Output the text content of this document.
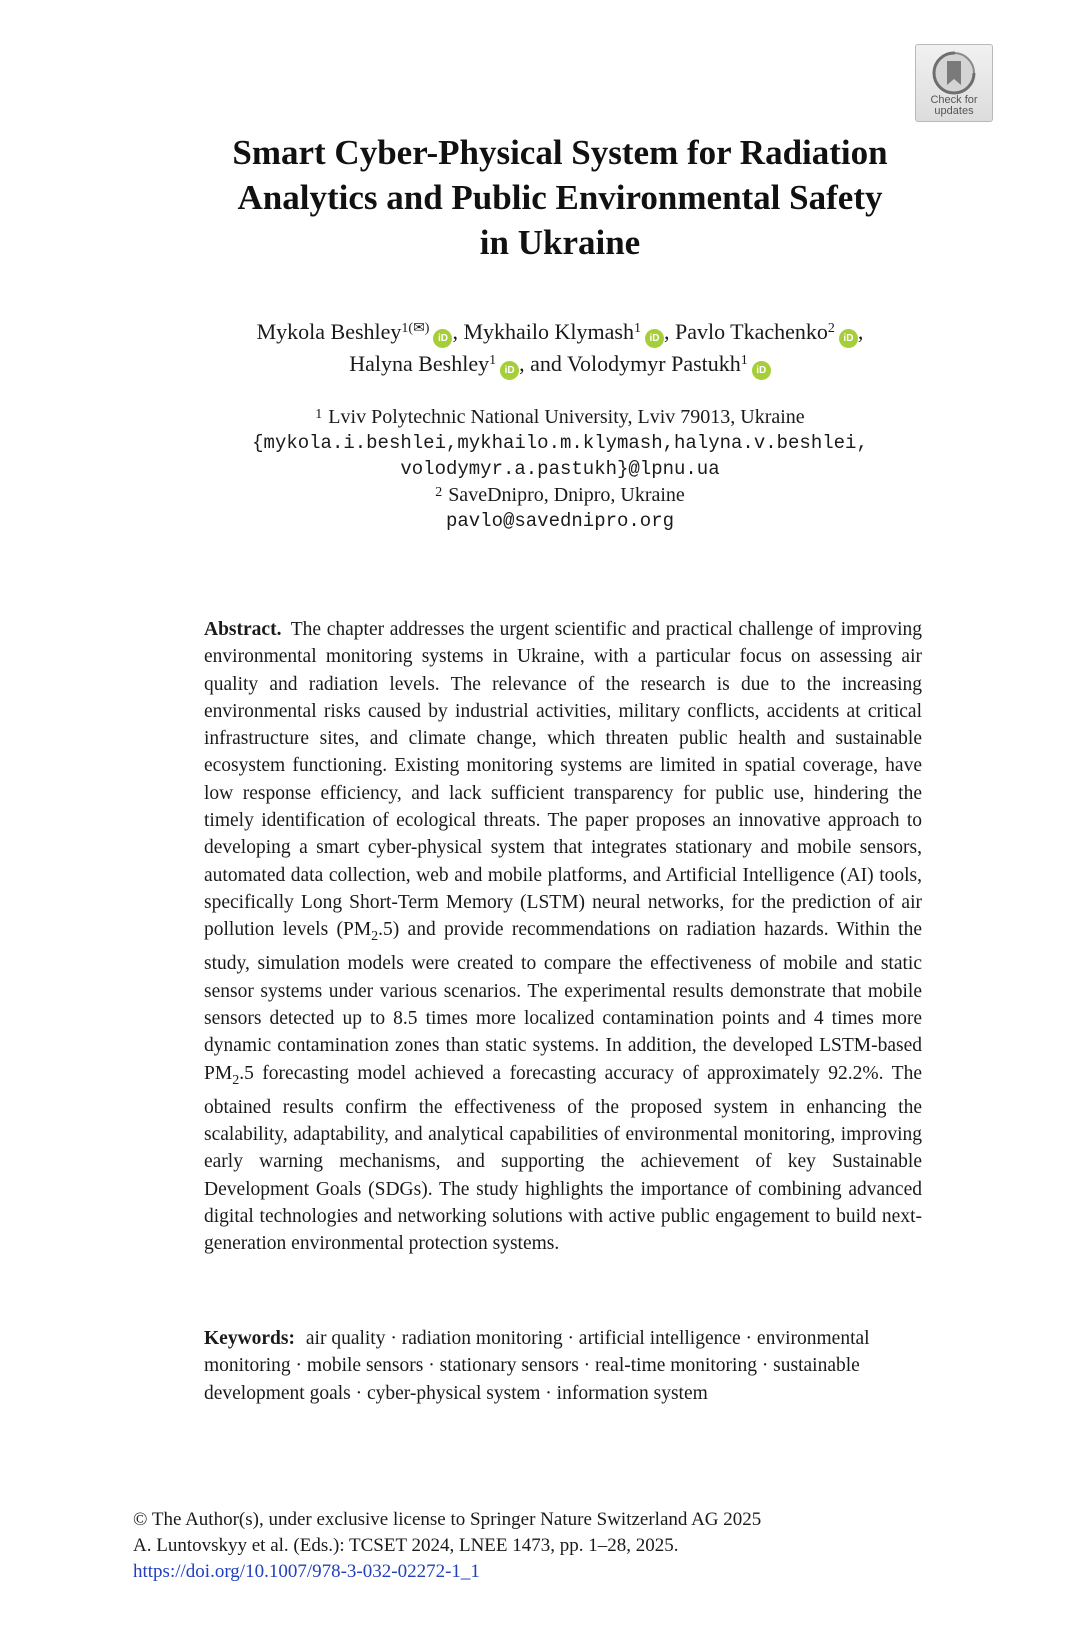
Check for
updates
Smart Cyber-Physical System for Radiation
Analytics and Public Environmental Safety
in Ukraine
Mykola Beshley$^{1(✉)}$iD , Mykhailo Klymash$^1$iD , Pavlo Tkachenko$^2$iD ,
Halyna Beshley$^1$iD , and Volodymyr Pastukh$^1$iD
$^1$ Lviv Polytechnic National University, Lviv 79013, Ukraine
{mykola.i.beshlei,mykhailo.m.klymash,halyna.v.beshlei,
volodymyr.a.pastukh}@lpnu.ua
$^2$ SaveDnipro, Dnipro, Ukraine
pavlo@savednipro.org
Abstract. The chapter addresses the urgent scientific and practical challenge of improving environmental monitoring systems in Ukraine, with a particular focus on assessing air quality and radiation levels. The relevance of the research is due to the increasing environmental risks caused by industrial activities, military conflicts, accidents at critical infrastructure sites, and climate change, which threaten public health and sustainable ecosystem functioning. Existing monitoring systems are limited in spatial coverage, have low response efficiency, and lack sufficient transparency for public use, hindering the timely identification of ecological threats. The paper proposes an innovative approach to developing a smart cyber-physical system that integrates stationary and mobile sensors, automated data collection, web and mobile platforms, and Artificial Intelligence (AI) tools, specifically Long Short-Term Memory (LSTM) neural networks, for the prediction of air pollution levels $(PM_2.5)$ and provide recommendations on radiation hazards. Within the study, simulation models were created to compare the effectiveness of mobile and static sensor systems under various scenarios. The experimental results demonstrate that mobile sensors detected up to 8.5 times more localized contamination points and 4 times more dynamic contamination zones than static systems. In addition, the developed LSTM-based $PM_2.5$ forecasting model achieved a forecasting accuracy of approximately 92.2%. The obtained results confirm the effectiveness of the proposed system in enhancing the scalability, adaptability, and analytical capabilities of environmental monitoring, improving early warning mechanisms, and supporting the achievement of key Sustainable Development Goals (SDGs). The study highlights the importance of combining advanced digital technologies and networking solutions with active public engagement to build next-generation environmental protection systems.
Keywords: air quality · radiation monitoring · artificial intelligence · environmental monitoring · mobile sensors · stationary sensors · real-time monitoring · sustainable development goals · cyber-physical system · information system
© The Author(s), under exclusive license to Springer Nature Switzerland AG 2025
A. Luntovskyy et al. (Eds.): TCSET 2024, LNEE 1473, pp. 1–28, 2025.
https://doi.org/10.1007/978-3-032-02272-1_1
